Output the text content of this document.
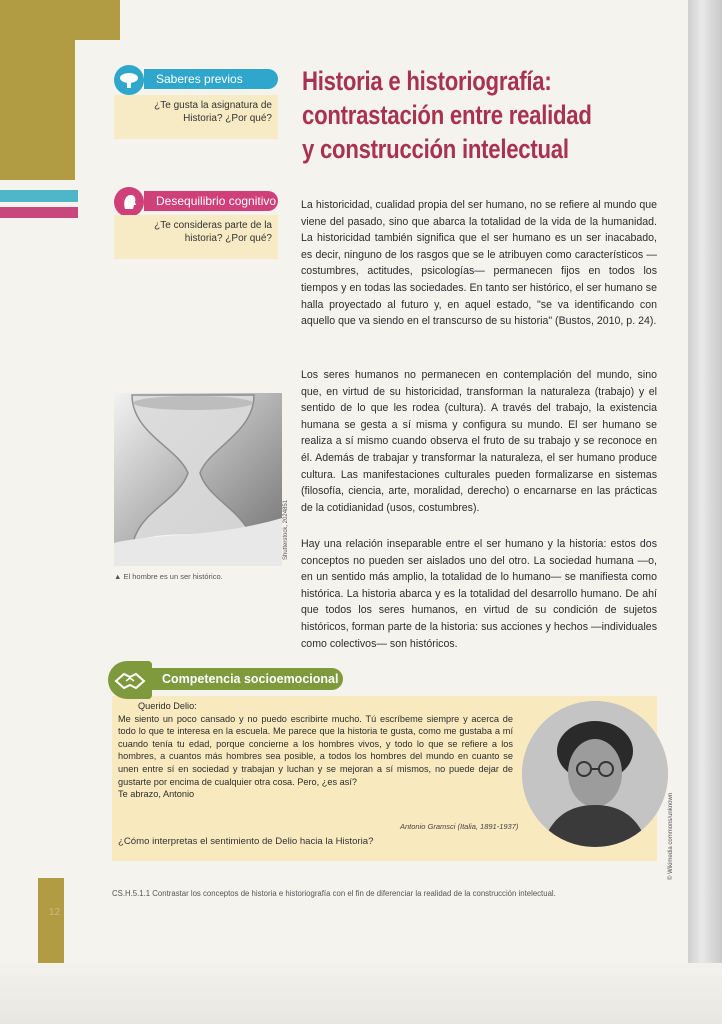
Saberes previos
¿Te gusta la asignatura de
Historia? ¿Por qué?
Desequilibrio cognitivo
¿Te consideras parte de la
historia? ¿Por qué?
Historia e historiografía:
contrastación entre realidad
y construcción intelectual

La historicidad, cualidad propia del ser humano, no se refiere al mundo que viene del pasado, sino que abarca la totalidad de la vida de la humanidad. La historicidad también significa que el ser humano es un ser inacabado, es decir, ninguno de los rasgos que se le atribuyen como característicos —costumbres, actitudes, psicologías— permanecen fijos en todos los tiempos y en todas las sociedades. En tanto ser histórico, el ser humano se halla proyectado al futuro y, en aquel estado, "se va identificando con aquello que va siendo en el transcurso de su historia" (Bustos, 2010, p. 24).

Los seres humanos no permanecen en contemplación del mundo, sino que, en virtud de su historicidad, transforman la naturaleza (trabajo) y el sentido de lo que les rodea (cultura). A través del trabajo, la existencia humana se gesta a sí misma y configura su mundo. El ser humano se realiza a sí mismo cuando observa el fruto de su trabajo y se reconoce en él. Además de trabajar y transformar la naturaleza, el ser humano produce cultura. Las manifestaciones culturales pueden formalizarse en sistemas (filosofía, ciencia, arte, moralidad, derecho) o encarnarse en las prácticas de la cotidianidad (usos, costumbres).

Hay una relación inseparable entre el ser humano y la historia: estos dos conceptos no pueden ser aislados uno del otro. La sociedad humana —o, en un sentido más amplio, la totalidad de lo humano— se manifiesta como histórica. La historia abarca y es la totalidad del desarrollo humano. De ahí que todos los seres humanos, en virtud de su condición de sujetos históricos, forman parte de la historia: sus acciones y hechos —individuales como colectivos— son históricos.

▲ El hombre es un ser histórico.
Shutterstock, 2024851
Competencia socioemocional

Querido Delio:

Me siento un poco cansado y no puedo escribirte mucho. Tú escríbeme siempre y acerca de todo lo que te interesa en la escuela. Me parece que la historia te gusta, como me gustaba a mí cuando tenía tu edad, porque concierne a los hombres vivos, y todo lo que se refiere a los hombres, a cuantos más hombres sea posible, a todos los hombres del mundo en cuanto se unen entre sí en sociedad y trabajan y luchan y se mejoran a sí mismos, no puede dejar de gustarte por encima de cualquier otra cosa. Pero, ¿es así?

Te abrazo, Antonio

Antonio Gramsci (Italia, 1891-1937)
¿Cómo interpretas el sentimiento de Delio hacia la Historia?	© Wikimedia commons/unknown
CS.H.5.1.1 Contrastar los conceptos de historia e historiografía con el fin de diferenciar la realidad de la construcción intelectual.
12
